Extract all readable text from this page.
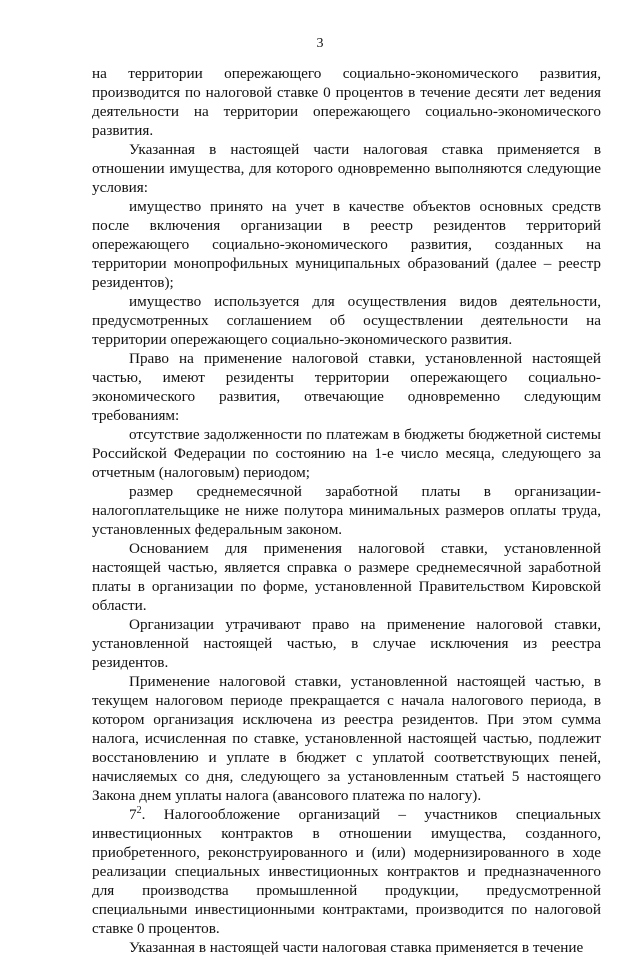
3

на территории опережающего социально-экономического развития, производится по налоговой ставке 0 процентов в течение десяти лет ведения деятельности на территории опережающего социально-экономического развития.

Указанная в настоящей части налоговая ставка применяется в отношении имущества, для которого одновременно выполняются следующие условия:

имущество принято на учет в качестве объектов основных средств после включения организации в реестр резидентов территорий опережающего социально-экономического развития, созданных на территории монопрофильных муниципальных образований (далее – реестр резидентов);

имущество используется для осуществления видов деятельности, предусмотренных соглашением об осуществлении деятельности на территории опережающего социально-экономического развития.

Право на применение налоговой ставки, установленной настоящей частью, имеют резиденты территории опережающего социально-экономического развития, отвечающие одновременно следующим требованиям:

отсутствие задолженности по платежам в бюджеты бюджетной системы Российской Федерации по состоянию на 1-е число месяца, следующего за отчетным (налоговым) периодом;

размер среднемесячной заработной платы в организации-налогоплательщике не ниже полутора минимальных размеров оплаты труда, установленных федеральным законом.

Основанием для применения налоговой ставки, установленной настоящей частью, является справка о размере среднемесячной заработной платы в организации по форме, установленной Правительством Кировской области.

Организации утрачивают право на применение налоговой ставки, установленной настоящей частью, в случае исключения из реестра резидентов.

Применение налоговой ставки, установленной настоящей частью, в текущем налоговом периоде прекращается с начала налогового периода, в котором организация исключена из реестра резидентов. При этом сумма налога, исчисленная по ставке, установленной настоящей частью, подлежит восстановлению и уплате в бюджет с уплатой соответствующих пеней, начисляемых со дня, следующего за установленным статьей 5 настоящего Закона днем уплаты налога (авансового платежа по налогу).

$7^2$. Налогообложение организаций – участников специальных инвестиционных контрактов в отношении имущества, созданного, приобретенного, реконструированного и (или) модернизированного в ходе реализации специальных инвестиционных контрактов и предназначенного для производства промышленной продукции, предусмотренной специальными инвестиционными контрактами, производится по налоговой ставке 0 процентов.

Указанная в настоящей части налоговая ставка применяется в течение
